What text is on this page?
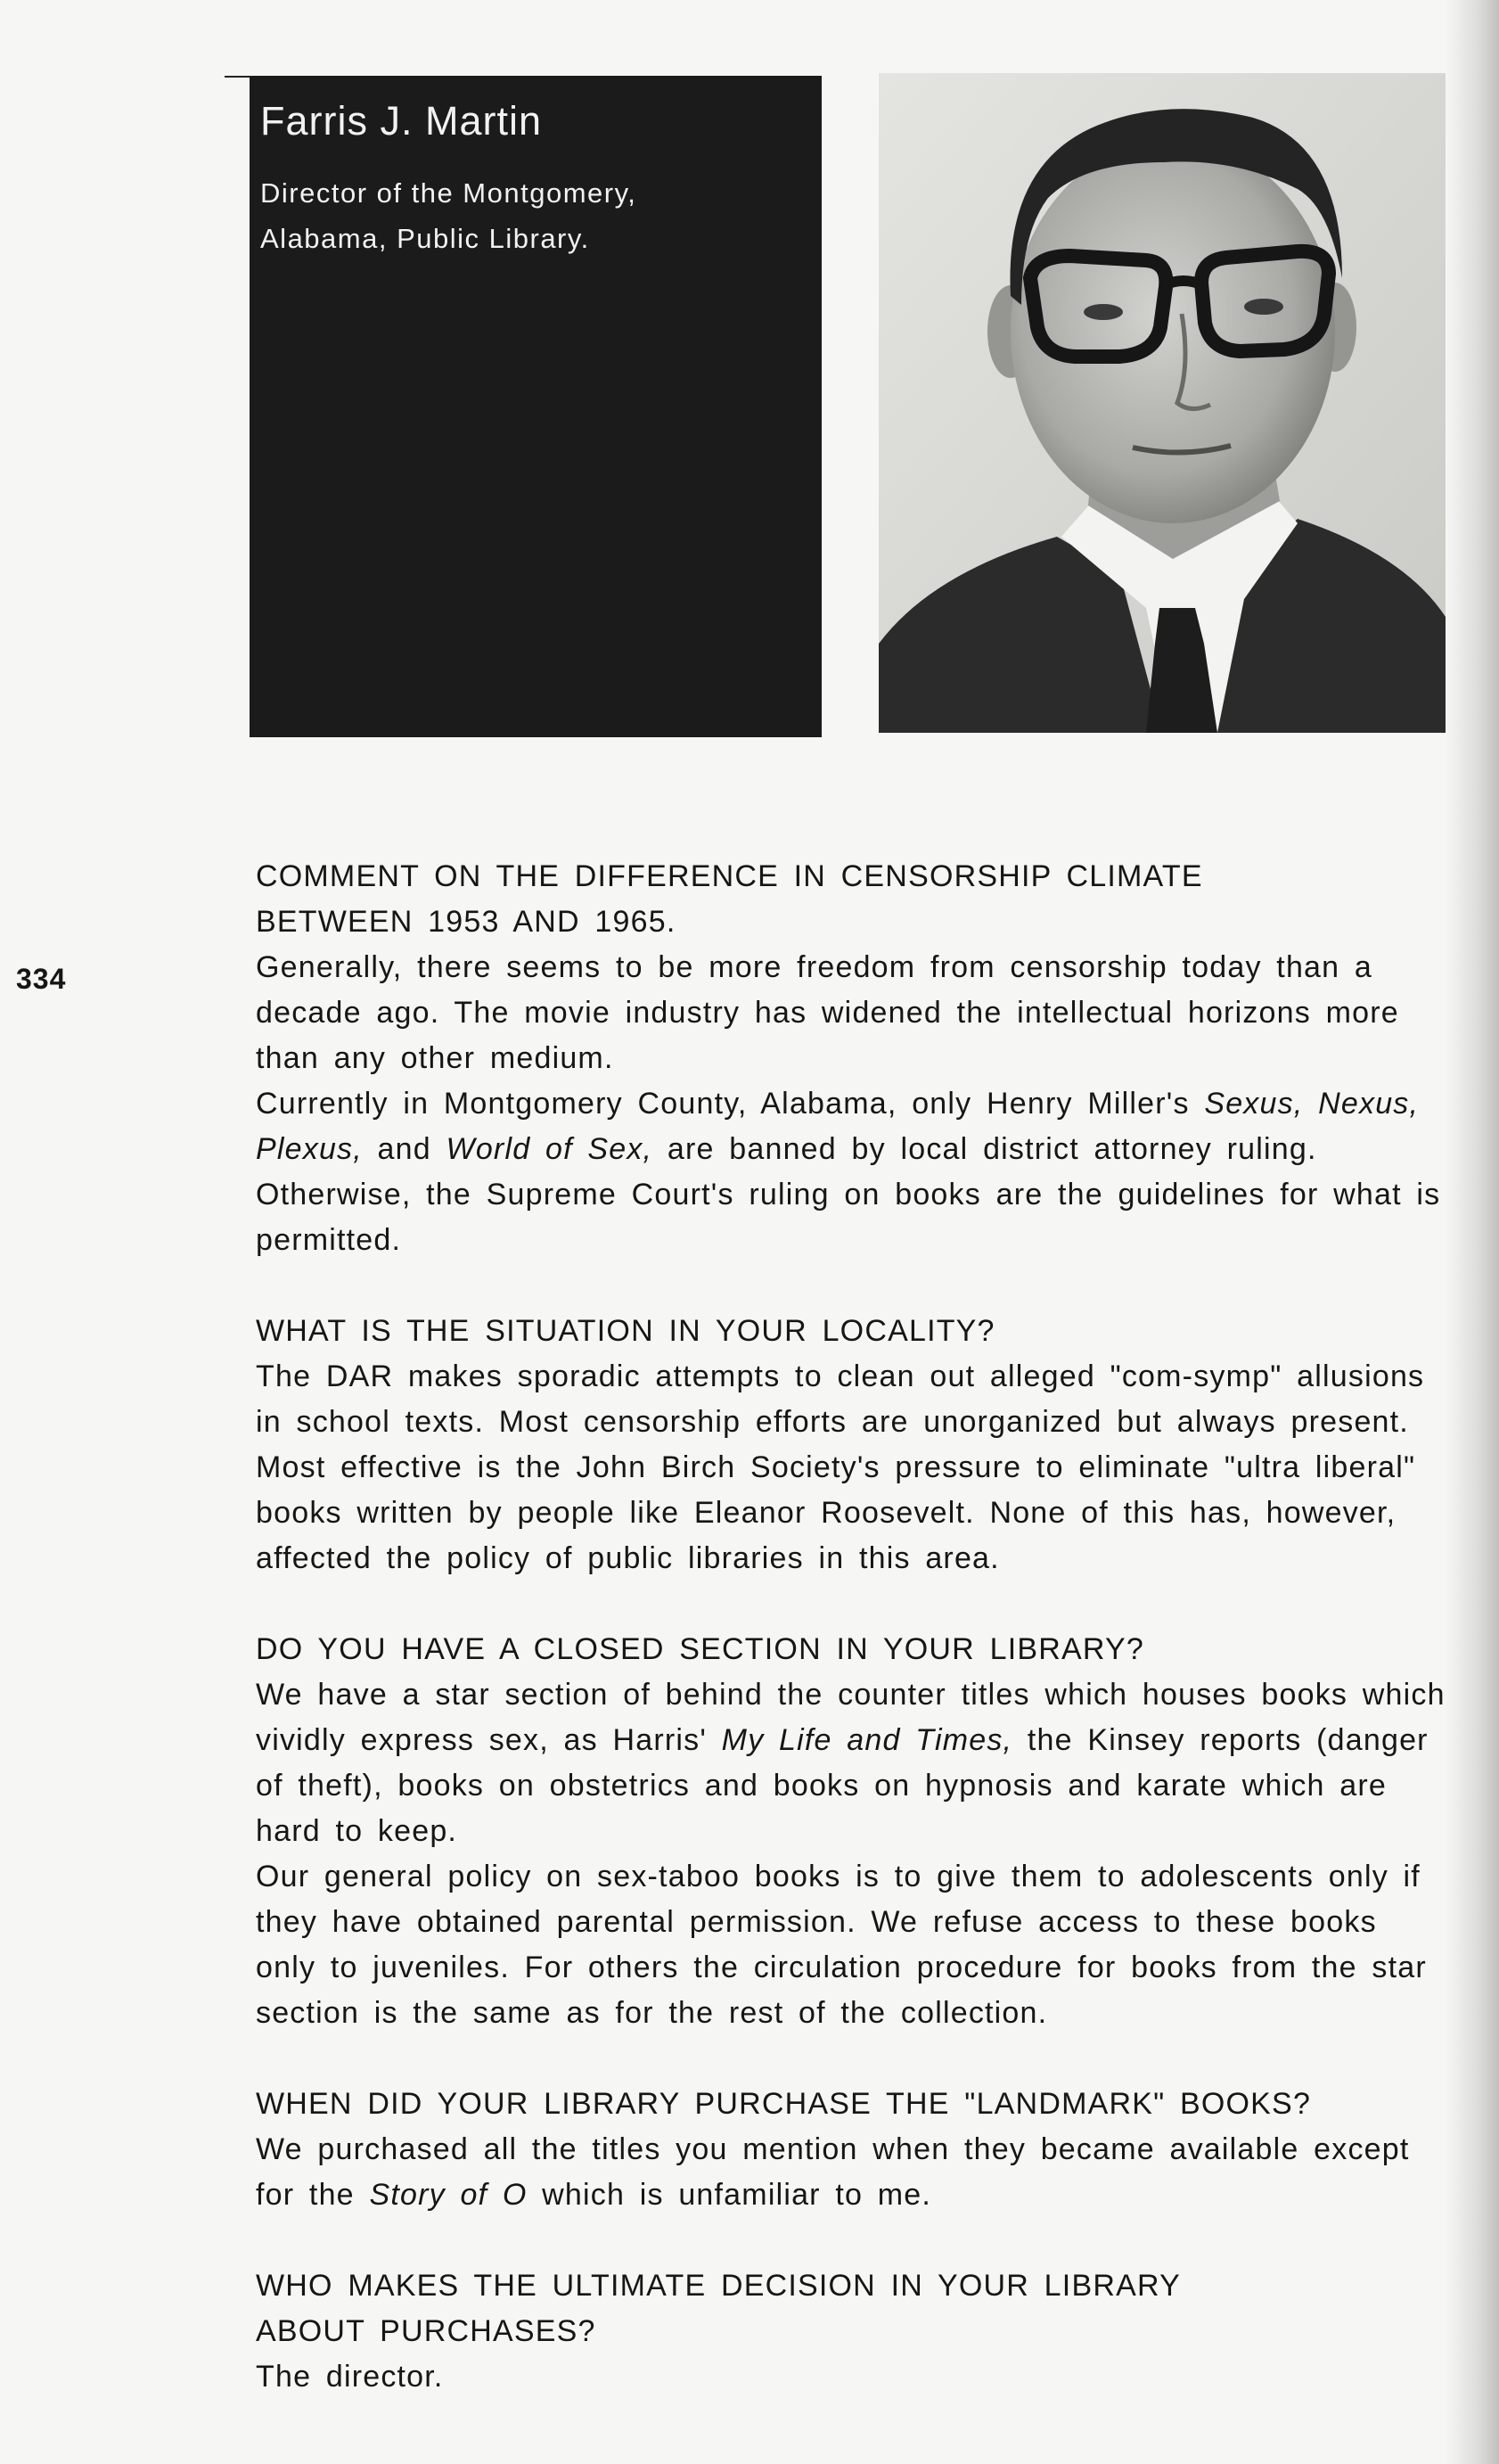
Farris J. Martin
Director of the Montgomery,
Alabama, Public Library.
334

COMMENT ON THE DIFFERENCE IN CENSORSHIP CLIMATE

BETWEEN 1953 AND 1965.

Generally, there seems to be more freedom from censorship today than a decade ago. The movie industry has widened the intellectual horizons more than any other medium.

Currently in Montgomery County, Alabama, only Henry Miller's Sexus, Nexus, Plexus, and World of Sex, are banned by local district attorney ruling. Otherwise, the Supreme Court's ruling on books are the guidelines for what is permitted.

WHAT IS THE SITUATION IN YOUR LOCALITY?

The DAR makes sporadic attempts to clean out alleged "com-symp" allusions in school texts. Most censorship efforts are unorganized but always present. Most effective is the John Birch Society's pressure to eliminate "ultra liberal" books written by people like Eleanor Roosevelt. None of this has, however, affected the policy of public libraries in this area.

DO YOU HAVE A CLOSED SECTION IN YOUR LIBRARY?

We have a star section of behind the counter titles which houses books which vividly express sex, as Harris' My Life and Times, the Kinsey reports (danger of theft), books on obstetrics and books on hypnosis and karate which are hard to keep.

Our general policy on sex-taboo books is to give them to adolescents only if they have obtained parental permission. We refuse access to these books only to juveniles. For others the circulation procedure for books from the star section is the same as for the rest of the collection.

WHEN DID YOUR LIBRARY PURCHASE THE "LANDMARK" BOOKS?

We purchased all the titles you mention when they became available except for the Story of O which is unfamiliar to me.

WHO MAKES THE ULTIMATE DECISION IN YOUR LIBRARY

ABOUT PURCHASES?

The director.
